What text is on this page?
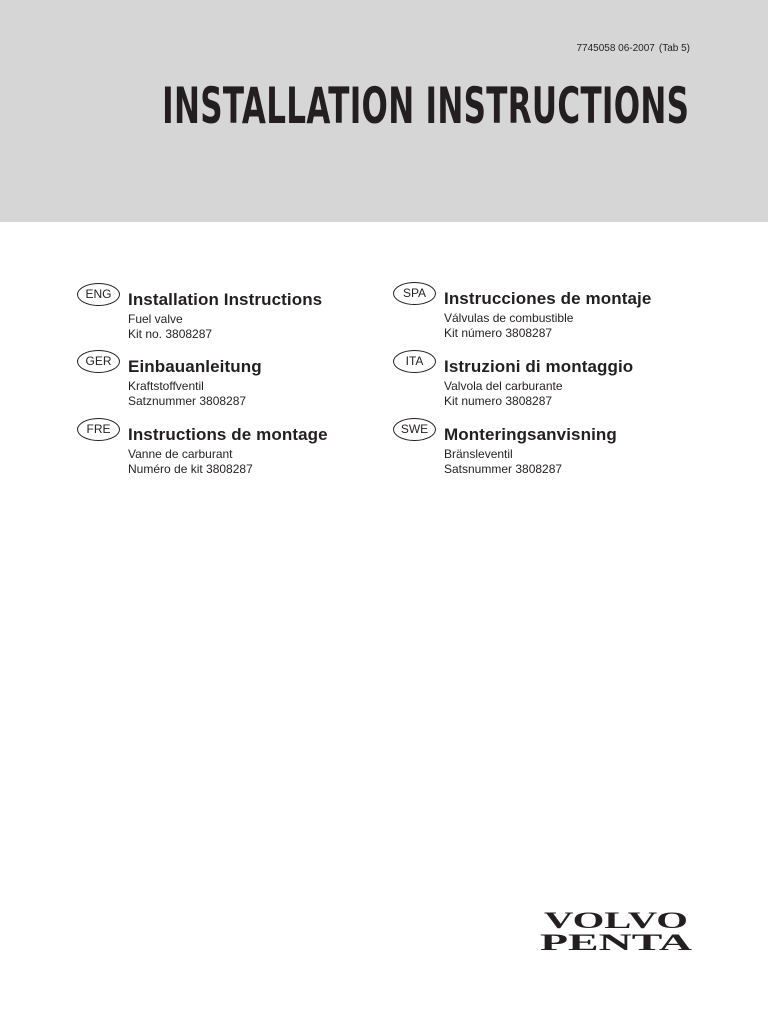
7745058 06-2007 (Tab 5)
INSTALLATION INSTRUCTIONS
ENG Installation Instructions
Fuel valve
Kit no. 3808287
GER Einbauanleitung
Kraftstoffventil
Satznummer 3808287
FRE	Instructions de montage
Vanne de carburant
Numéro de kit 3808287
SPA	Instrucciones de montaje
Válvulas de combustible
Kit número 3808287
ITA	Istruzioni di montaggio
Valvola del carburante
Kit numero 3808287
SWE Monteringsanvisning
Bränsleventil
Satsnummer 3808287
VOLVO
PENTA
